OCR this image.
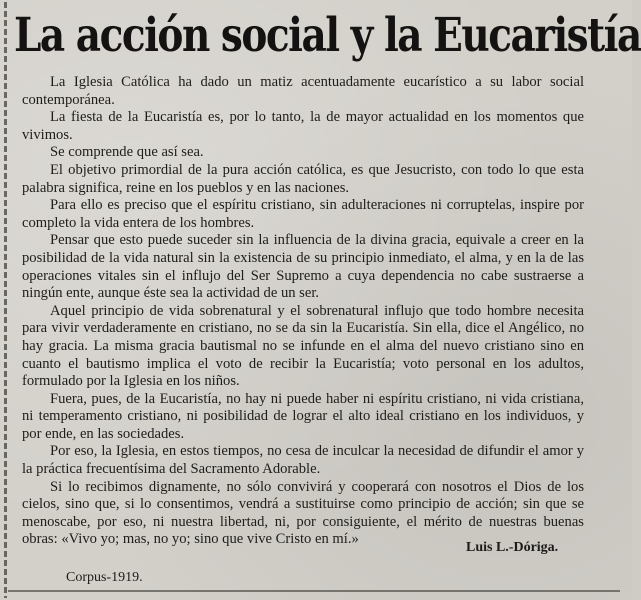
La acción social y la Eucaristía

La Iglesia Católica ha dado un matiz acentuadamente eucarístico a su labor social contemporánea.

La fiesta de la Eucaristía es, por lo tanto, la de mayor actualidad en los momentos que vivimos.

Se comprende que así sea.

El objetivo primordial de la pura acción católica, es que Jesucristo, con todo lo que esta palabra significa, reine en los pueblos y en las naciones.

Para ello es preciso que el espíritu cristiano, sin adulteraciones ni corruptelas, inspire por completo la vida entera de los hombres.

Pensar que esto puede suceder sin la influencia de la divina gracia, equivale a creer en la posibilidad de la vida natural sin la existencia de su principio inmediato, el alma, y en la de las operaciones vitales sin el influjo del Ser Supremo a cuya dependencia no cabe sustraerse a ningún ente, aunque éste sea la actividad de un ser.

Aquel principio de vida sobrenatural y el sobrenatural influjo que todo hombre necesita para vivir verdaderamente en cristiano, no se da sin la Eucaristía. Sin ella, dice el Angélico, no hay gracia. La misma gracia bautismal no se infunde en el alma del nuevo cristiano sino en cuanto el bautismo implica el voto de recibir la Eucaristía; voto personal en los adultos, formulado por la Iglesia en los niños.

Fuera, pues, de la Eucaristía, no hay ni puede haber ni espíritu cristiano, ni vida cristiana, ni temperamento cristiano, ni posibilidad de lograr el alto ideal cristiano en los individuos, y por ende, en las sociedades.

Por eso, la Iglesia, en estos tiempos, no cesa de inculcar la necesidad de difundir el amor y la práctica frecuentísima del Sacramento Adorable.

Si lo recibimos dignamente, no sólo convivirá y cooperará con nosotros el Dios de los cielos, sino que, si lo consentimos, vendrá a sustituirse como principio de acción; sin que se menoscabe, por eso, ni nuestra libertad, ni, por consiguiente, el mérito de nuestras buenas obras: «Vivo yo; mas, no yo; sino que vive Cristo en mí.»

Luis L.-Dóriga.
Corpus-1919.
